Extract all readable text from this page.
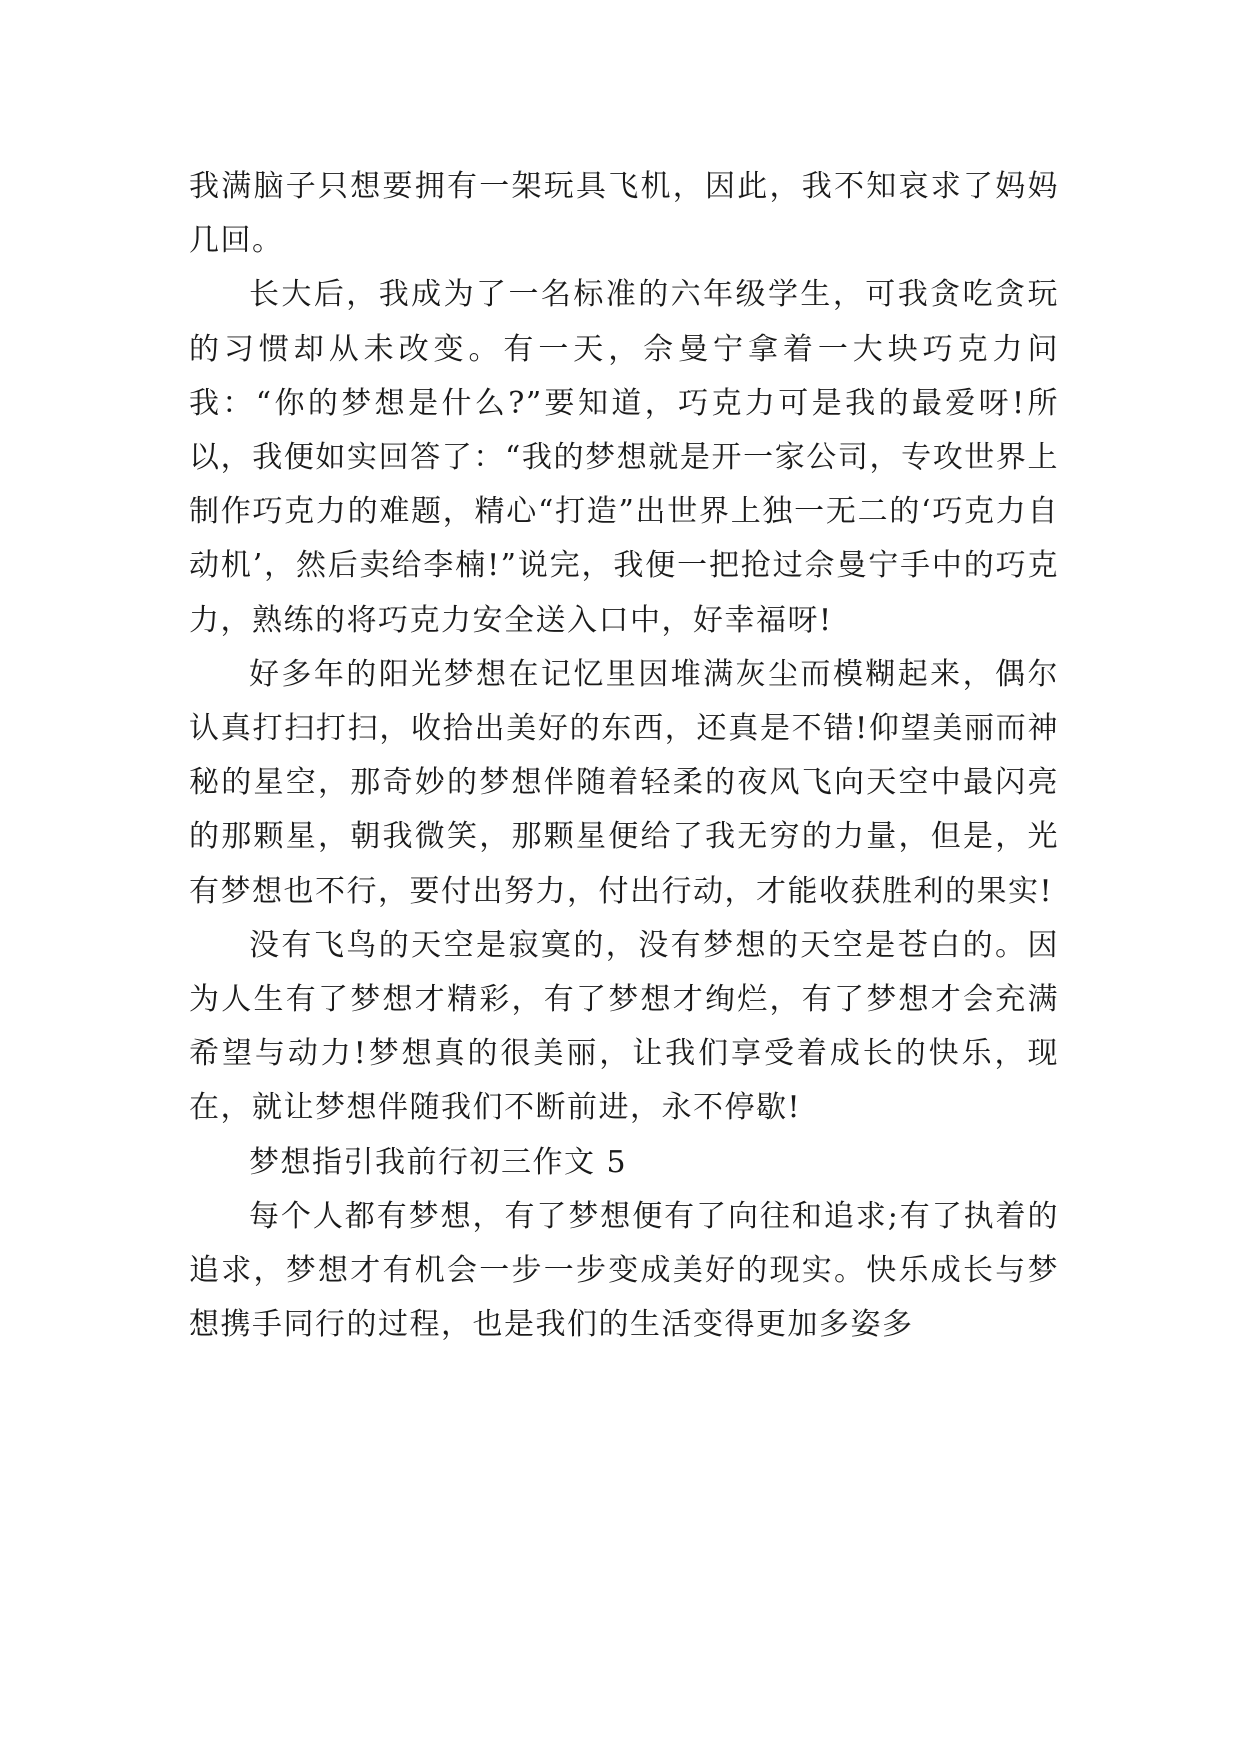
我满脑子只想要拥有一架玩具飞机，因此，我不知哀求了妈妈几回。

长大后，我成为了一名标准的六年级学生，可我贪吃贪玩的习惯却从未改变。有一天，佘曼宁拿着一大块巧克力问我：“你的梦想是什么?”要知道，巧克力可是我的最爱呀!所以，我便如实回答了：“我的梦想就是开一家公司，专攻世界上制作巧克力的难题，精心“打造”出世界上独一无二的‘巧克力自动机’，然后卖给李楠!”说完，我便一把抢过佘曼宁手中的巧克力，熟练的将巧克力安全送入口中，好幸福呀!

好多年的阳光梦想在记忆里因堆满灰尘而模糊起来，偶尔认真打扫打扫，收拾出美好的东西，还真是不错!仰望美丽而神秘的星空，那奇妙的梦想伴随着轻柔的夜风飞向天空中最闪亮的那颗星，朝我微笑，那颗星便给了我无穷的力量，但是，光有梦想也不行，要付出努力，付出行动，才能收获胜利的果实!

没有飞鸟的天空是寂寞的，没有梦想的天空是苍白的。因为人生有了梦想才精彩，有了梦想才绚烂，有了梦想才会充满希望与动力!梦想真的很美丽，让我们享受着成长的快乐，现在，就让梦想伴随我们不断前进，永不停歇!

梦想指引我前行初三作文 5

每个人都有梦想，有了梦想便有了向往和追求;有了执着的追求，梦想才有机会一步一步变成美好的现实。快乐成长与梦想携手同行的过程，也是我们的生活变得更加多姿多
